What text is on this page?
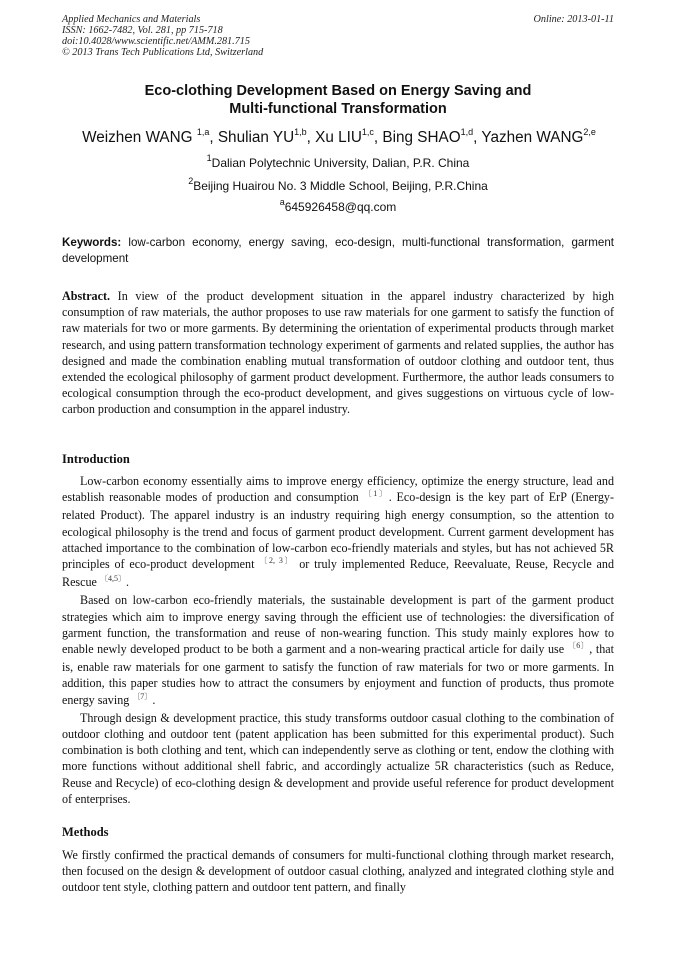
Applied Mechanics and Materials
ISSN: 1662-7482, Vol. 281, pp 715-718
doi:10.4028/www.scientific.net/AMM.281.715
© 2013 Trans Tech Publications Ltd, Switzerland
Online: 2013-01-11
Eco-clothing Development Based on Energy Saving and
Multi-functional Transformation
Weizhen WANG $^{1,a}$, Shulian YU$^{1,b}$, Xu LIU$^{1,c}$, Bing SHAO$^{1,d}$, Yazhen WANG$^{2,e}$
$^1$Dalian Polytechnic University, Dalian, P.R. China
$^2$Beijing Huairou No. 3 Middle School, Beijing, P.R.China
$^a$645926458@qq.com
Keywords: low-carbon economy, energy saving, eco-design, multi-functional transformation, garment development
Abstract. In view of the product development situation in the apparel industry characterized by high consumption of raw materials, the author proposes to use raw materials for one garment to satisfy the function of raw materials for two or more garments. By determining the orientation of experimental products through market research, and using pattern transformation technology experiment of garments and related supplies, the author has designed and made the combination enabling mutual transformation of outdoor clothing and outdoor tent, thus extended the ecological philosophy of garment product development. Furthermore, the author leads consumers to ecological consumption through the eco-product development, and gives suggestions on virtuous cycle of low-carbon production and consumption in the apparel industry.
Introduction

Low-carbon economy essentially aims to improve energy efficiency, optimize the energy structure, lead and establish reasonable modes of production and consumption $^{〔1〕}$. Eco-design is the key part of ErP (Energy-related Product). The apparel industry is an industry requiring high energy consumption, so the attention to ecological philosophy is the trend and focus of garment product development. Current garment development has attached importance to the combination of low-carbon eco-friendly materials and styles, but has not achieved 5R principles of eco-product development $^{〔2, 3〕}$ or truly implemented Reduce, Reevaluate, Reuse, Recycle and Rescue $^{〔4,5〕}$.

Based on low-carbon eco-friendly materials, the sustainable development is part of the garment product strategies which aim to improve energy saving through the efficient use of technologies: the diversification of garment function, the transformation and reuse of non-wearing function. This study mainly explores how to enable newly developed product to be both a garment and a non-wearing practical article for daily use $^{〔6〕}$, that is, enable raw materials for one garment to satisfy the function of raw materials for two or more garments. In addition, this paper studies how to attract the consumers by enjoyment and function of products, thus promote energy saving $^{〔7〕}$.

Through design & development practice, this study transforms outdoor casual clothing to the combination of outdoor clothing and outdoor tent (patent application has been submitted for this experimental product). Such combination is both clothing and tent, which can independently serve as clothing or tent, endow the clothing with more functions without additional shell fabric, and accordingly actualize 5R characteristics (such as Reduce, Reuse and Recycle) of eco-clothing design & development and provide useful reference for product development of enterprises.

Methods
We firstly confirmed the practical demands of consumers for multi-functional clothing through market research, then focused on the design & development of outdoor casual clothing, analyzed and integrated clothing style and outdoor tent style, clothing pattern and outdoor tent pattern, and finally
